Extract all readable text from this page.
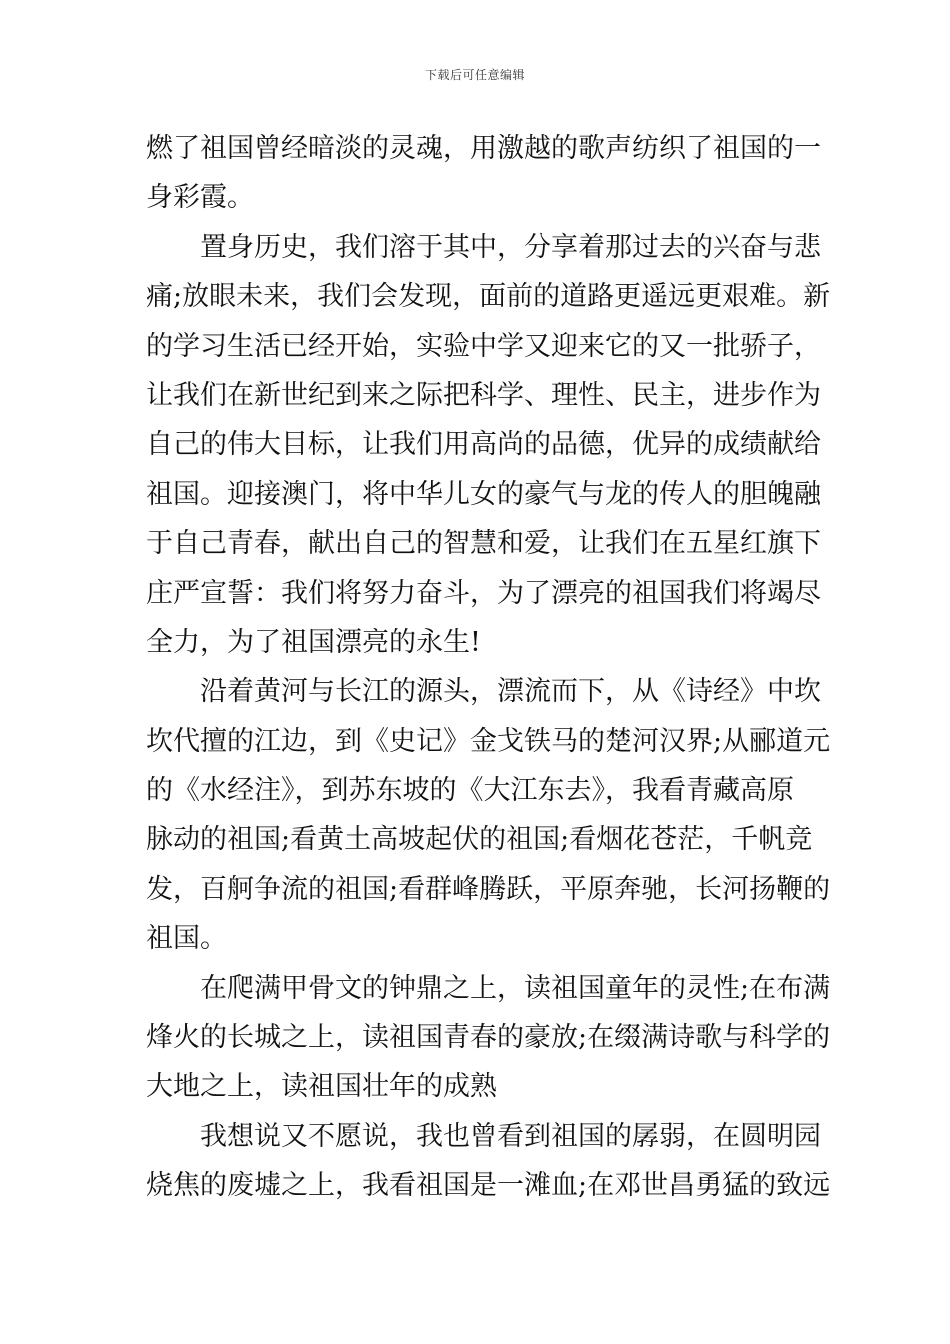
下载后可任意编辑
燃了祖国曾经暗淡的灵魂，用激越的歌声纺织了祖国的一
身彩霞。
置身历史，我们溶于其中，分享着那过去的兴奋与悲
痛;放眼未来，我们会发现，面前的道路更遥远更艰难。新
的学习生活已经开始，实验中学又迎来它的又一批骄子，
让我们在新世纪到来之际把科学、理性、民主，进步作为
自己的伟大目标，让我们用高尚的品德，优异的成绩献给
祖国。迎接澳门，将中华儿女的豪气与龙的传人的胆魄融
于自己青春，献出自己的智慧和爱，让我们在五星红旗下
庄严宣誓：我们将努力奋斗，为了漂亮的祖国我们将竭尽
全力，为了祖国漂亮的永生!
沿着黄河与长江的源头，漂流而下，从《诗经》中坎
坎代擅的江边，到《史记》金戈铁马的楚河汉界;从郦道元
的《水经注》，到苏东坡的《大江东去》，我看青藏高原
脉动的祖国;看黄土高坡起伏的祖国;看烟花苍茫，千帆竞
发，百舸争流的祖国;看群峰腾跃，平原奔驰，长河扬鞭的
祖国。
在爬满甲骨文的钟鼎之上，读祖国童年的灵性;在布满
烽火的长城之上，读祖国青春的豪放;在缀满诗歌与科学的
大地之上，读祖国壮年的成熟
我想说又不愿说，我也曾看到祖国的孱弱，在圆明园
烧焦的废墟之上，我看祖国是一滩血;在邓世昌勇猛的致远
